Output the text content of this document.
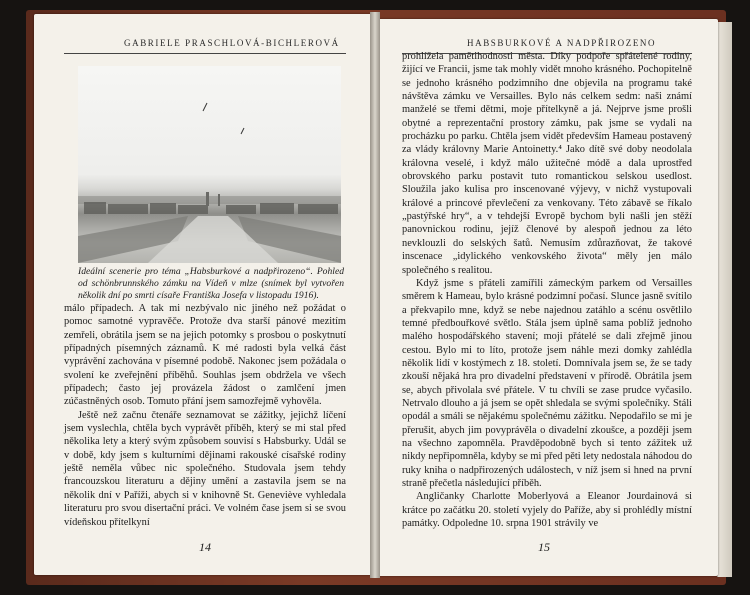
GABRIELE PRASCHLOVÁ-BICHLEROVÁ
Ideální scenerie pro téma „Habsburkové a nadpřirozeno“. Pohled od schönbrunnského zámku na Vídeň v mlze (snímek byl vytvořen několik dní po smrti císaře Františka Josefa v listopadu 1916).

málo případech. A tak mi nezbývalo nic jiného než požádat o pomoc samotné vypravěče. Protože dva starší pánové mezitím zemřeli, obrátila jsem se na jejich potomky s prosbou o poskytnutí případných písemných záznamů. K mé radosti byla velká část vyprávění zachována v písemné podobě. Nakonec jsem požádala o svolení ke zveřejnění příběhů. Souhlas jsem obdržela ve všech případech; často jej provázela žádost o zamlčení jmen zúčastněných osob. Tomuto přání jsem samozřejmě vyhověla.

Ještě než začnu čtenáře seznamovat se zážitky, jejichž líčení jsem vyslechla, chtěla bych vyprávět příběh, který se mi stal před několika lety a který svým způsobem souvisí s Habsburky. Udál se v době, kdy jsem s kulturními dějinami rakouské císařské rodiny ještě neměla vůbec nic společného. Studovala jsem tehdy francouzskou literaturu a dějiny umění a zastavila jsem se na několik dní v Paříži, abych si v knihovně St. Geneviève vyhledala literaturu pro svou disertační práci. Ve volném čase jsem si se svou vídeňskou přítelkyní

14
HABSBURKOVÉ A NADPŘIROZENO

prohlížela pamětihodnosti města. Díky podpoře spřátelené rodiny, žijící ve Francii, jsme tak mohly vidět mnoho krásného. Pochopitelně se jednoho krásného podzimního dne objevila na programu také návštěva zámku ve Versailles. Bylo nás celkem sedm: naši známí manželé se třemi dětmi, moje přítelkyně a já. Nejprve jsme prošli obytné a reprezentační prostory zámku, pak jsme se vydali na procházku po parku. Chtěla jsem vidět především Hameau postavený za vlády královny Marie Antoinetty.⁴ Jako dítě své doby neodolala královna veselé, i když málo užitečné módě a dala uprostřed obrovského parku postavit tuto romantickou selskou usedlost. Sloužila jako kulisa pro inscenované výjevy, v nichž vystupovali králové a princové převlečení za venkovany. Této zábavě se říkalo „pastýřské hry“, a v tehdejší Evropě bychom byli našli jen stěží panovnickou rodinu, jejíž členové by alespoň jednou za léto nevklouzli do selských šatů. Nemusím zdůrazňovat, že takové inscenace „idylického venkovského života“ měly jen málo společného s realitou.

Když jsme s přáteli zamířili zámeckým parkem od Versailles směrem k Hameau, bylo krásné podzimní počasí. Slunce jasně svítilo a překvapilo mne, když se nebe najednou zatáhlo a scénu osvětlilo temné předbouřkové světlo. Stála jsem úplně sama poblíž jednoho malého hospodářského stavení; moji přátelé se dali zřejmě jinou cestou. Bylo mi to líto, protože jsem náhle mezi domky zahlédla několik lidí v kostýmech z 18. století. Domnívala jsem se, že se tady zkouší nějaká hra pro divadelní představení v přírodě. Obrátila jsem se, abych přivolala své přátele. V tu chvíli se zase prudce vyčasilo. Netrvalo dlouho a já jsem se opět shledala se svými společníky. Stáli opodál a smáli se nějakému společnému zážitku. Nepodařilo se mi je přerušit, abych jim povyprávěla o divadelní zkoušce, a později jsem na všechno zapomněla. Pravděpodobně bych si tento zážitek už nikdy nepřipomněla, kdyby se mi před pěti lety nedostala náhodou do ruky kniha o nadpřirozených událostech, v níž jsem si hned na první straně přečetla následující příběh.

Angličanky Charlotte Moberlyová a Eleanor Jourdainová si krátce po začátku 20. století vyjely do Paříže, aby si prohlédly místní památky. Odpoledne 10. srpna 1901 strávily ve

15
